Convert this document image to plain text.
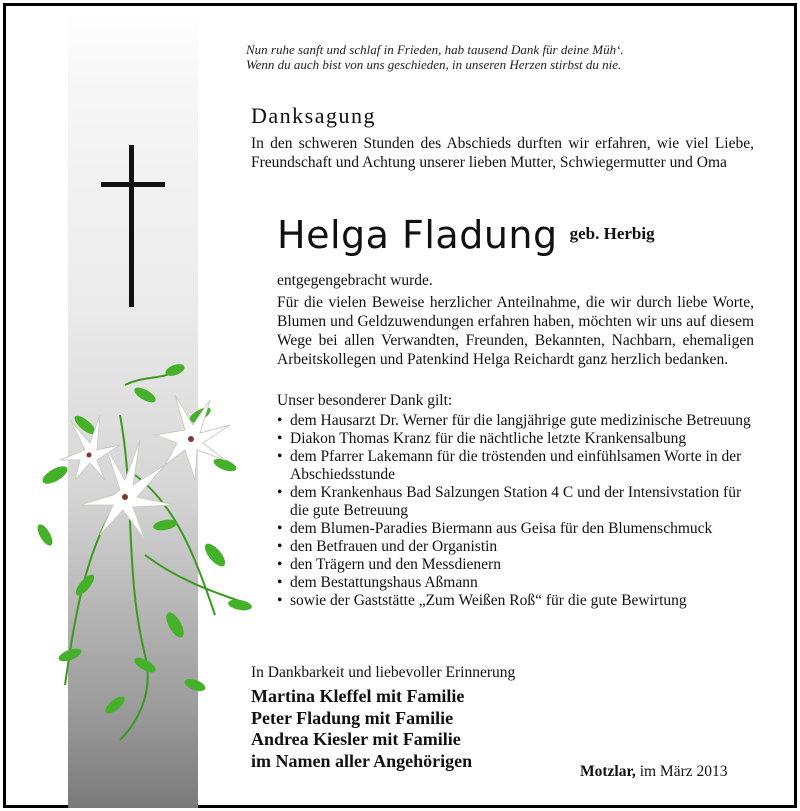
Nun ruhe sanft und schlaf in Frieden, hab tausend Dank für deine Müh‘.
Wenn du auch bist von uns geschieden, in unseren Herzen stirbst du nie.
Danksagung
In den schweren Stunden des Abschieds durften wir erfahren, wie viel Liebe, Freundschaft und Achtung unserer lieben Mutter, Schwiegermutter und Oma
Helga Fladung geb. Herbig
entgegengebracht wurde.
Für die vielen Beweise herzlicher Anteilnahme, die wir durch liebe Worte, Blumen und Geldzuwendungen erfahren haben, möchten wir uns auf diesem Wege bei allen Verwandten, Freunden, Bekannten, Nachbarn, ehemaligen Arbeitskollegen und Patenkind Helga Reichardt ganz herzlich bedanken.
Unser besonderer Dank gilt:
• dem Hausarzt Dr. Werner für die langjährige gute medizinische Betreuung
• Diakon Thomas Kranz für die nächtliche letzte Krankensalbung
• dem Pfarrer Lakemann für die tröstenden und einfühlsamen Worte in der Abschiedsstunde
• dem Krankenhaus Bad Salzungen Station 4 C und der Intensivstation für die gute Betreuung
• dem Blumen-Paradies Biermann aus Geisa für den Blumenschmuck
• den Betfrauen und der Organistin
• den Trägern und den Messdienern
• dem Bestattungshaus Aßmann
• sowie der Gaststätte „Zum Weißen Roß“ für die gute Bewirtung
In Dankbarkeit und liebevoller Erinnerung
Martina Kleffel mit Familie
Peter Fladung mit Familie
Andrea Kiesler mit Familie
im Namen aller Angehörigen
Motzlar, im März 2013
